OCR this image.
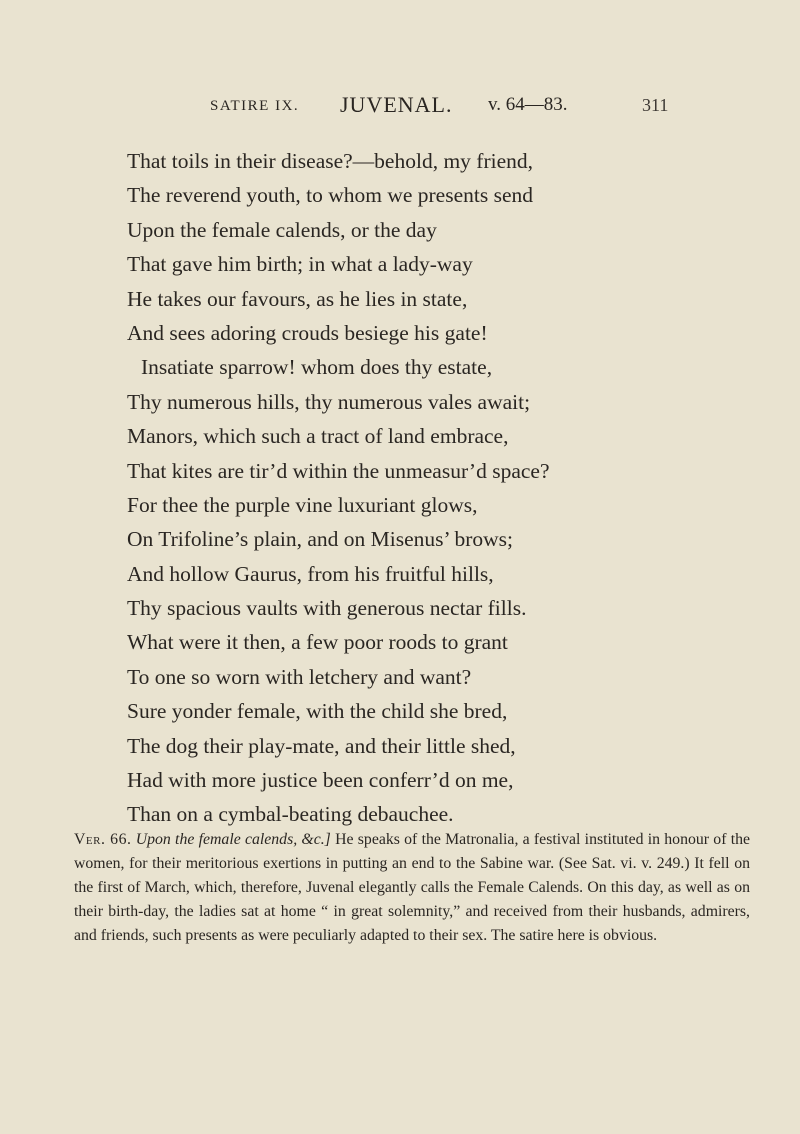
SATIRE IX. JUVENAL. v. 64—83.	311
That toils in their disease?—behold, my friend,
The reverend youth, to whom we presents send
Upon the female calends, or the day
That gave him birth; in what a lady-way
He takes our favours, as he lies in state,
And sees adoring crouds besiege his gate!
Insatiate sparrow! whom does thy estate,
Thy numerous hills, thy numerous vales await;
Manors, which such a tract of land embrace,
That kites are tir’d within the unmeasur’d space?
For thee the purple vine luxuriant glows,
On Trifoline’s plain, and on Misenus’ brows;
And hollow Gaurus, from his fruitful hills,
Thy spacious vaults with generous nectar fills.
What were it then, a few poor roods to grant
To one so worn with letchery and want?
Sure yonder female, with the child she bred,
The dog their play-mate, and their little shed,
Had with more justice been conferr’d on me,
Than on a cymbal-beating debauchee.
Ver. 66. Upon the female calends, &c.] He speaks of the Matronalia, a festival instituted in honour of the women, for their meritorious exertions in putting an end to the Sabine war. (See Sat. vi. v. 249.) It fell on the first of March, which, therefore, Juvenal elegantly calls the Female Calends. On this day, as well as on their birth-day, the ladies sat at home “ in great solemnity,” and received from their husbands, admirers, and friends, such presents as were peculiarly adapted to their sex. The satire here is obvious.
